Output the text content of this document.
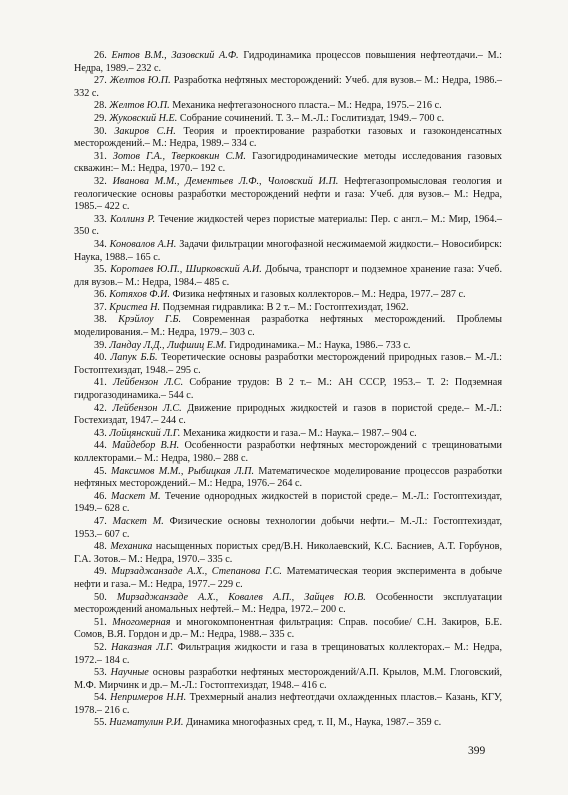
26. Ентов В.М., Зазовский А.Ф. Гидродинамика процессов повышения нефтеотдачи.– М.: Недра, 1989.– 232 с.

27. Желтов Ю.П. Разработка нефтяных месторождений: Учеб. для вузов.– М.: Недра, 1986.– 332 с.

28. Желтов Ю.П. Механика нефтегазоносного пласта.– М.: Недра, 1975.– 216 с.

29. Жуковский Н.Е. Собрание сочинений. Т. 3.– М.-Л.: Гослитиздат, 1949.– 700 с.

30. Закиров С.Н. Теория и проектирование разработки газовых и газоконденсатных месторождений.– М.: Недра, 1989.– 334 с.

31. Зотов Г.А., Тверковкин С.М. Газогидродинамические методы исследования газовых скважин:– М.: Недра, 1970.– 192 с.

32. Иванова М.М., Дементьев Л.Ф., Чоловский И.П. Нефтегазопромысловая геология и геологические основы разработки месторождений нефти и газа: Учеб. для вузов.– М.: Недра, 1985.– 422 с.

33. Коллинз Р. Течение жидкостей через пористые материалы: Пер. с англ.– М.: Мир, 1964.– 350 с.

34. Коновалов А.Н. Задачи фильтрации многофазной несжимаемой жидкости.– Новосибирск: Наука, 1988.– 165 с.

35. Коротаев Ю.П., Ширковский А.И. Добыча, транспорт и подземное хранение газа: Учеб. для вузов.– М.: Недра, 1984.– 485 с.

36. Котяхов Ф.И. Физика нефтяных и газовых коллекторов.– М.: Недра, 1977.– 287 с.

37. Кристеа Н. Подземная гидравлика: В 2 т.– М.: Гостоптехиздат, 1962.

38. Крэйлоу Г.Б. Современная разработка нефтяных месторождений. Проблемы моделирования.– М.: Недра, 1979.– 303 с.

39. Ландау Л.Д., Лифшиц Е.М. Гидродинамика.– М.: Наука, 1986.– 733 с.

40. Лапук Б.Б. Теоретические основы разработки месторождений природных газов.– М.-Л.: Гостоптехиздат, 1948.– 295 с.

41. Лейбензон Л.С. Собрание трудов: В 2 т.– М.: АН СССР, 1953.– Т. 2: Подземная гидрогазодинамика.– 544 с.

42. Лейбензон Л.С. Движение природных жидкостей и газов в пористой среде.– М.-Л.: Гостехиздат, 1947.– 244 с.

43. Лойцянский Л.Г. Механика жидкости и газа.– М.: Наука.– 1987.– 904 с.

44. Майдебор В.Н. Особенности разработки нефтяных месторождений с трещиноватыми коллекторами.– М.: Недра, 1980.– 288 с.

45. Максимов М.М., Рыбицкая Л.П. Математическое моделирование процессов разработки нефтяных месторождений.– М.: Недра, 1976.– 264 с.

46. Маскет М. Течение однородных жидкостей в пористой среде.– М.-Л.: Гостоптехиздат, 1949.– 628 с.

47. Маскет М. Физические основы технологии добычи нефти.– М.-Л.: Гостоптехиздат, 1953.– 607 с.

48. Механика насыщенных пористых сред/В.Н. Николаевский, К.С. Басниев, А.Т. Горбунов, Г.А. Зотов.– М.: Недра, 1970.– 335 с.

49. Мирзаджанзаде А.Х., Степанова Г.С. Математическая теория эксперимента в добыче нефти и газа.– М.: Недра, 1977.– 229 с.

50. Мирзаджанзаде А.Х., Ковалев А.П., Зайцев Ю.В. Особенности эксплуатации месторождений аномальных нефтей.– М.: Недра, 1972.– 200 с.

51. Многомерная и многокомпонентная фильтрация: Справ. пособие/ С.Н. Закиров, Б.Е. Сомов, В.Я. Гордон и др.– М.: Недра, 1988.– 335 с.

52. Наказная Л.Г. Фильтрация жидкости и газа в трещиноватых коллекторах.– М.: Недра, 1972.– 184 с.

53. Научные основы разработки нефтяных месторождений/А.П. Крылов, М.М. Глоговский, М.Ф. Мирчинк и др.– М.-Л.: Гостоптехиздат, 1948.– 416 с.

54. Непримеров Н.Н. Трехмерный анализ нефтеотдачи охлажденных пластов.– Казань, КГУ, 1978.– 216 с.

55. Нигматулин Р.И. Динамика многофазных сред, т. II, М., Наука, 1987.– 359 с.

399
